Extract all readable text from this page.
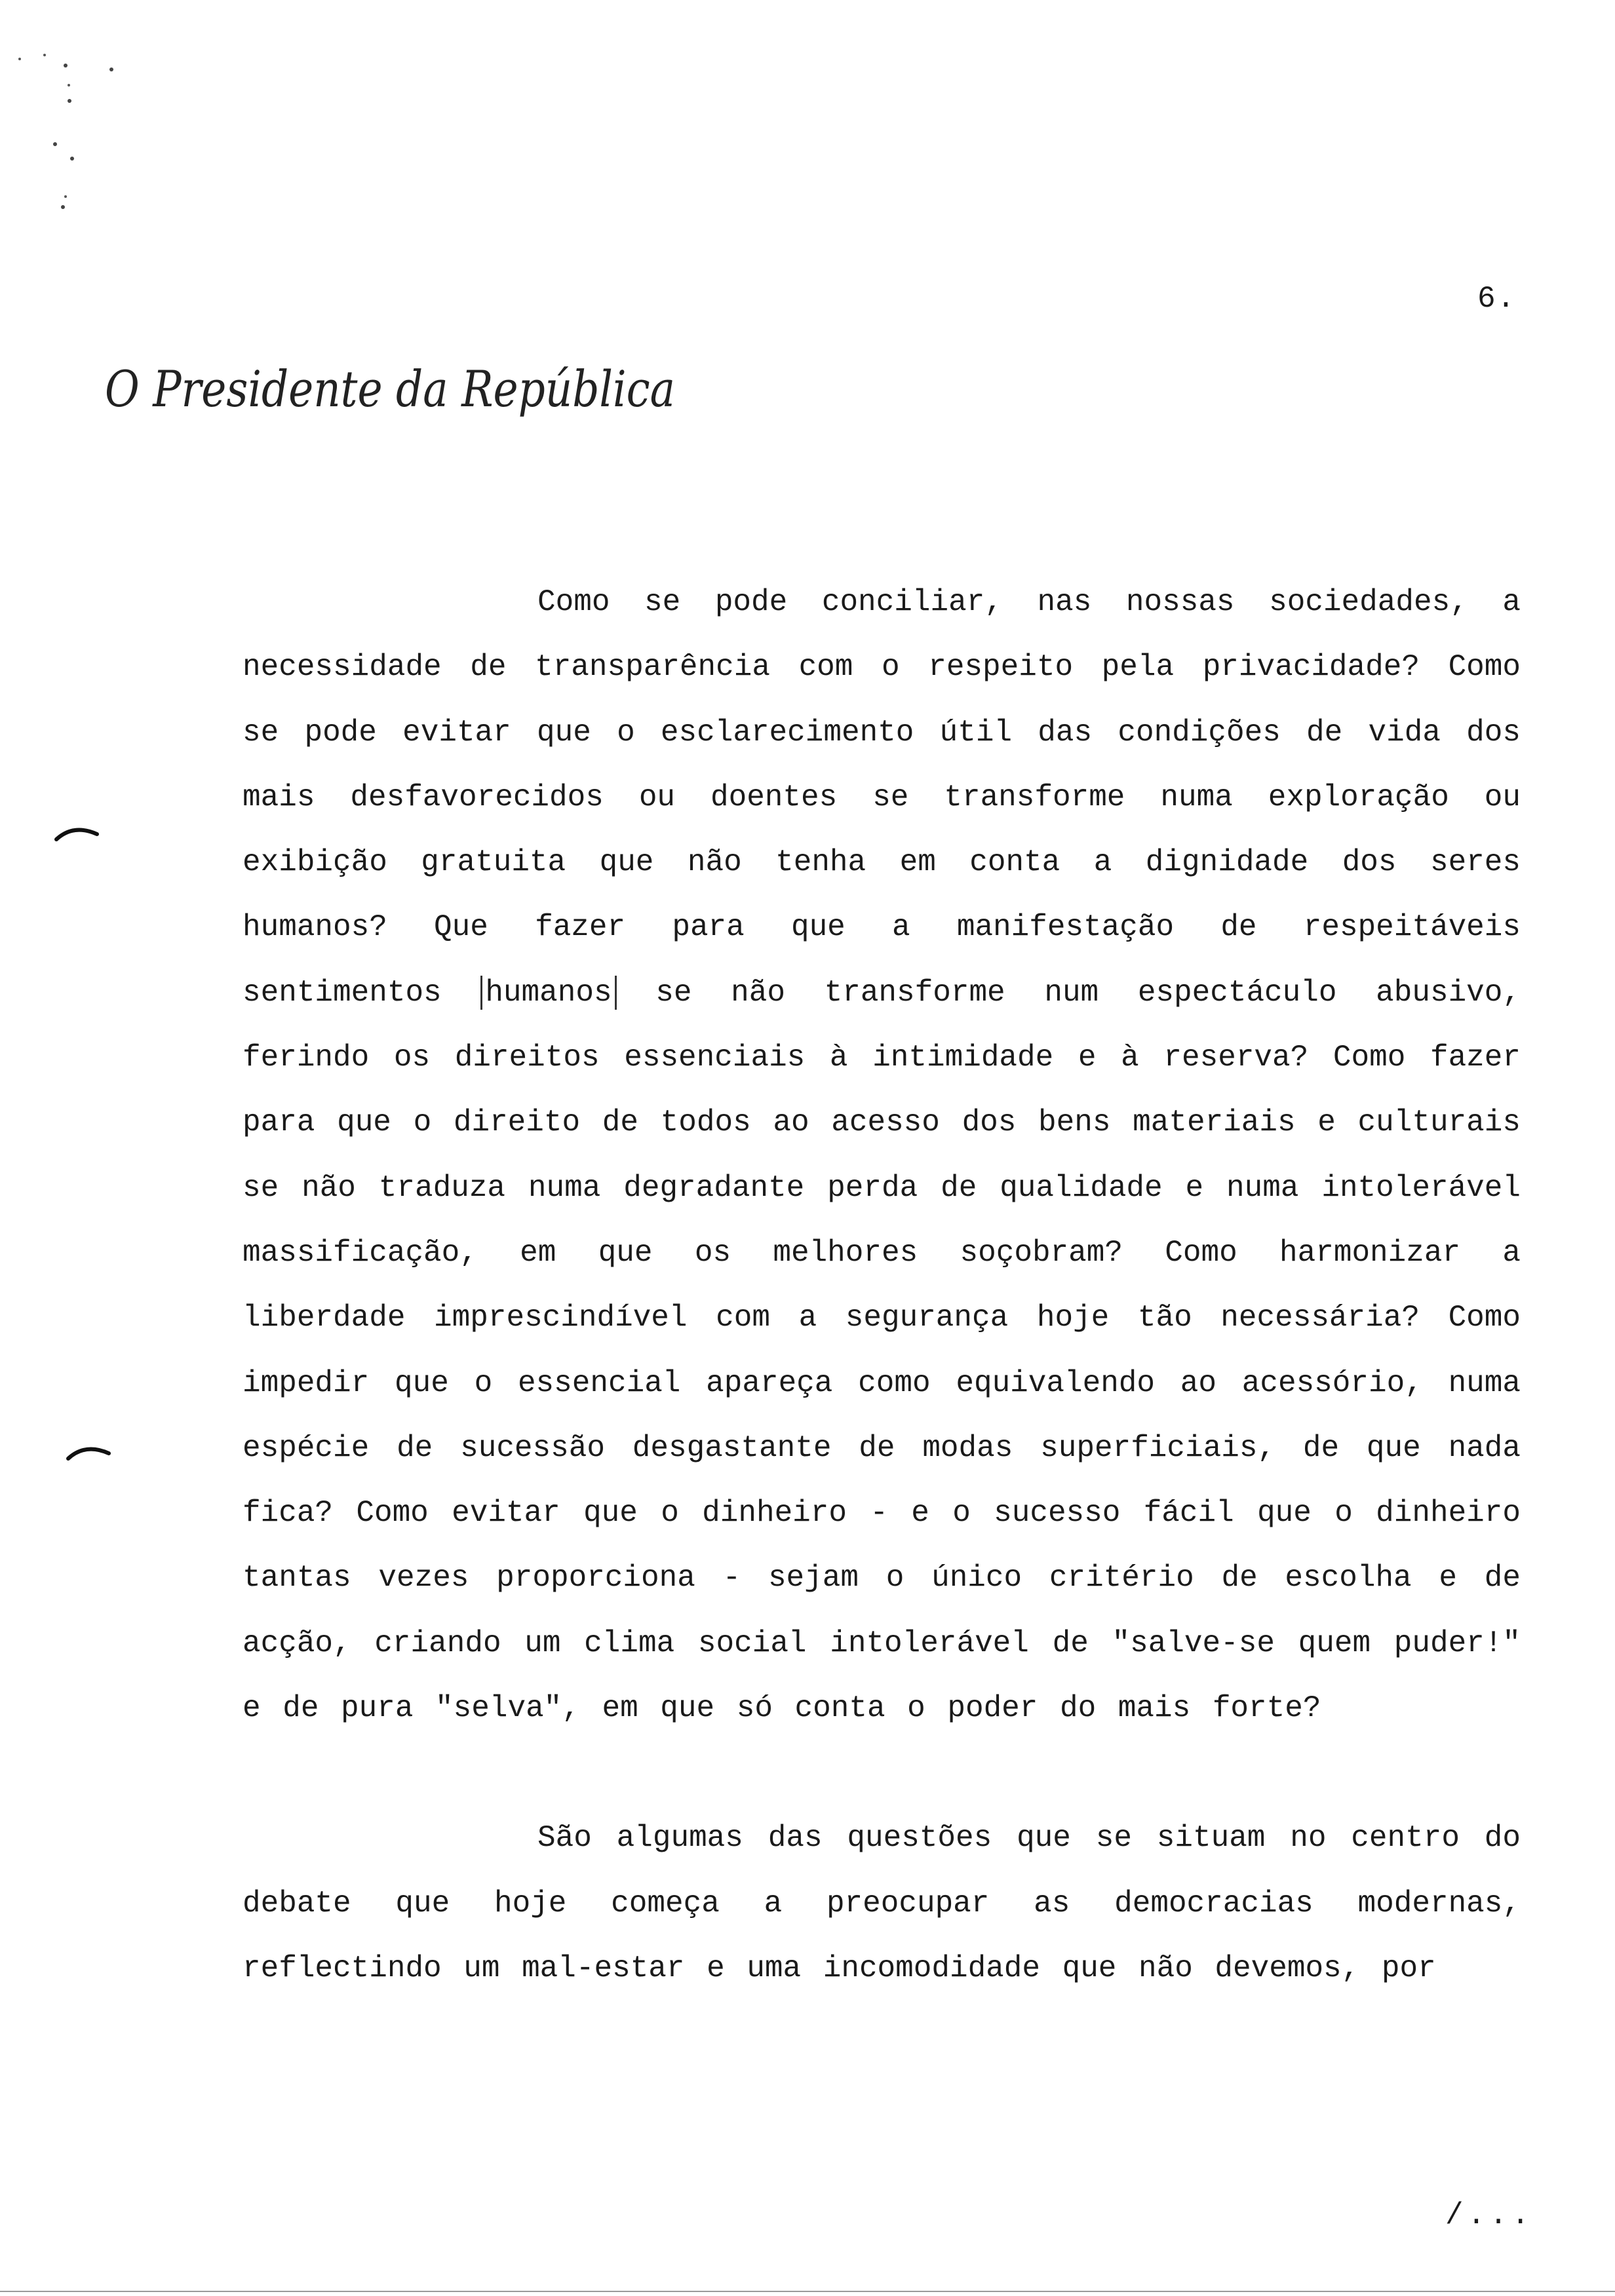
6.
O Presidente da República

Como se pode conciliar, nas nossas sociedades, a necessidade de transparência com o respeito pela privacidade? Como se pode evitar que o esclarecimento útil das condições de vida dos mais desfavorecidos ou doentes se transforme numa exploração ou exibição gratuita que não tenha em conta a dignidade dos seres humanos? Que fazer para que a manifestação de respeitáveis sentimentos humanos se não transforme num espectáculo abusivo, ferindo os direitos essenciais à intimidade e à reserva? Como fazer para que o direito de todos ao acesso dos bens materiais e culturais se não traduza numa degradante perda de qualidade e numa intolerável massificação, em que os melhores soçobram? Como harmonizar a liberdade imprescindível com a segurança hoje tão necessária? Como impedir que o essencial apareça como equivalendo ao acessório, numa espécie de sucessão desgastante de modas superficiais, de que nada fica? Como evitar que o dinheiro - e o sucesso fácil que o dinheiro tantas vezes proporciona - sejam o único critério de escolha e de acção, criando um clima social intolerável de "salve-se quem puder!" e de pura "selva", em que só conta o poder do mais forte?

São algumas das questões que se situam no centro do debate que hoje começa a preocupar as democracias modernas, reflectindo um mal-estar e uma incomodidade que não devemos, por

/...
